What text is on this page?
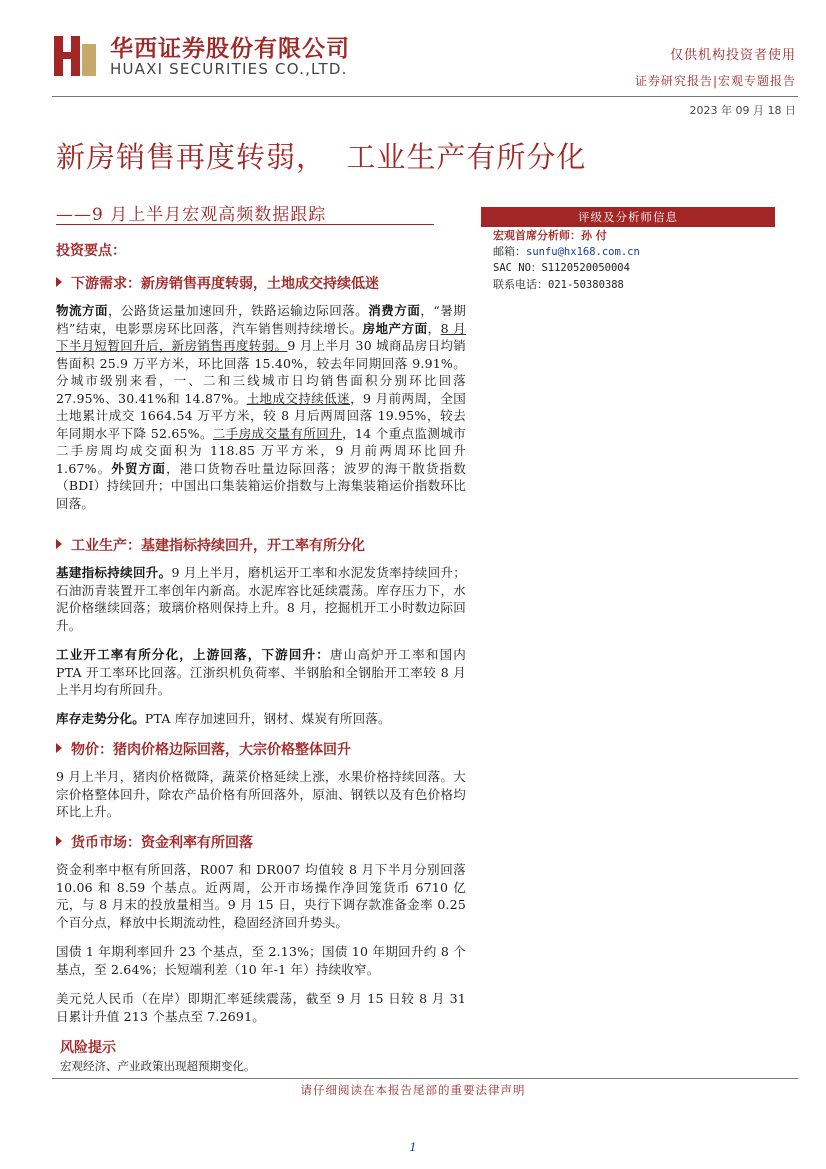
华西证券股份有限公司
HUAXI SECURITIES CO.,LTD.
仅供机构投资者使用
证券研究报告|宏观专题报告
2023 年 09 月 18 日
新房销售再度转弱，  工业生产有所分化
——9 月上半月宏观高频数据跟踪	评级及分析师信息
宏观首席分析师：孙 付
邮箱：sunfu@hx168.com.cn
SAC NO：S1120520050004
联系电话：021-50380388
投资要点：
下游需求：新房销售再度转弱，土地成交持续低迷

物流方面，公路货运量加速回升，铁路运输边际回落。消费方面，“暑期档”结束，电影票房环比回落，汽车销售则持续增长。房地产方面，8 月下半月短暂回升后，新房销售再度转弱。9 月上半月 30 城商品房日均销售面积 25.9 万平方米，环比回落 15.40%，较去年同期回落 9.91%。分城市级别来看，一、二和三线城市日均销售面积分别环比回落 27.95%、30.41%和 14.87%。土地成交持续低迷，9 月前两周，全国土地累计成交 1664.54 万平方米，较 8 月后两周回落 19.95%，较去年同期水平下降 52.65%。二手房成交量有所回升，14 个重点监测城市二手房周均成交面积为 118.85 万平方米，9 月前两周环比回升 1.67%。外贸方面，港口货物吞吐量边际回落；波罗的海干散货指数（BDI）持续回升；中国出口集装箱运价指数与上海集装箱运价指数环比回落。

工业生产：基建指标持续回升，开工率有所分化

基建指标持续回升。9 月上半月，磨机运开工率和水泥发货率持续回升；石油沥青装置开工率创年内新高。水泥库容比延续震荡。库存压力下，水泥价格继续回落；玻璃价格则保持上升。8 月，挖掘机开工小时数边际回升。

工业开工率有所分化，上游回落，下游回升：唐山高炉开工率和国内 PTA 开工率环比回落。江浙织机负荷率、半钢胎和全钢胎开工率较 8 月上半月均有所回升。

库存走势分化。PTA 库存加速回升，钢材、煤炭有所回落。

物价：猪肉价格边际回落，大宗价格整体回升

9 月上半月，猪肉价格微降，蔬菜价格延续上涨，水果价格持续回落。大宗价格整体回升，除农产品价格有所回落外，原油、钢铁以及有色价格均环比上升。

货币市场：资金利率有所回落

资金利率中枢有所回落，R007 和 DR007 均值较 8 月下半月分别回落 10.06 和 8.59 个基点。近两周，公开市场操作净回笼货币 6710 亿元，与 8 月末的投放量相当。9 月 15 日，央行下调存款准备金率 0.25 个百分点，释放中长期流动性，稳固经济回升势头。

国债 1 年期利率回升 23 个基点，至 2.13%；国债 10 年期回升约 8 个基点，至 2.64%；长短端利差（10 年-1 年）持续收窄。

美元兑人民币（在岸）即期汇率延续震荡，截至 9 月 15 日较 8 月 31 日累计升值 213 个基点至 7.2691。

风险提示
宏观经济、产业政策出现超预期变化。
请仔细阅读在本报告尾部的重要法律声明
1
